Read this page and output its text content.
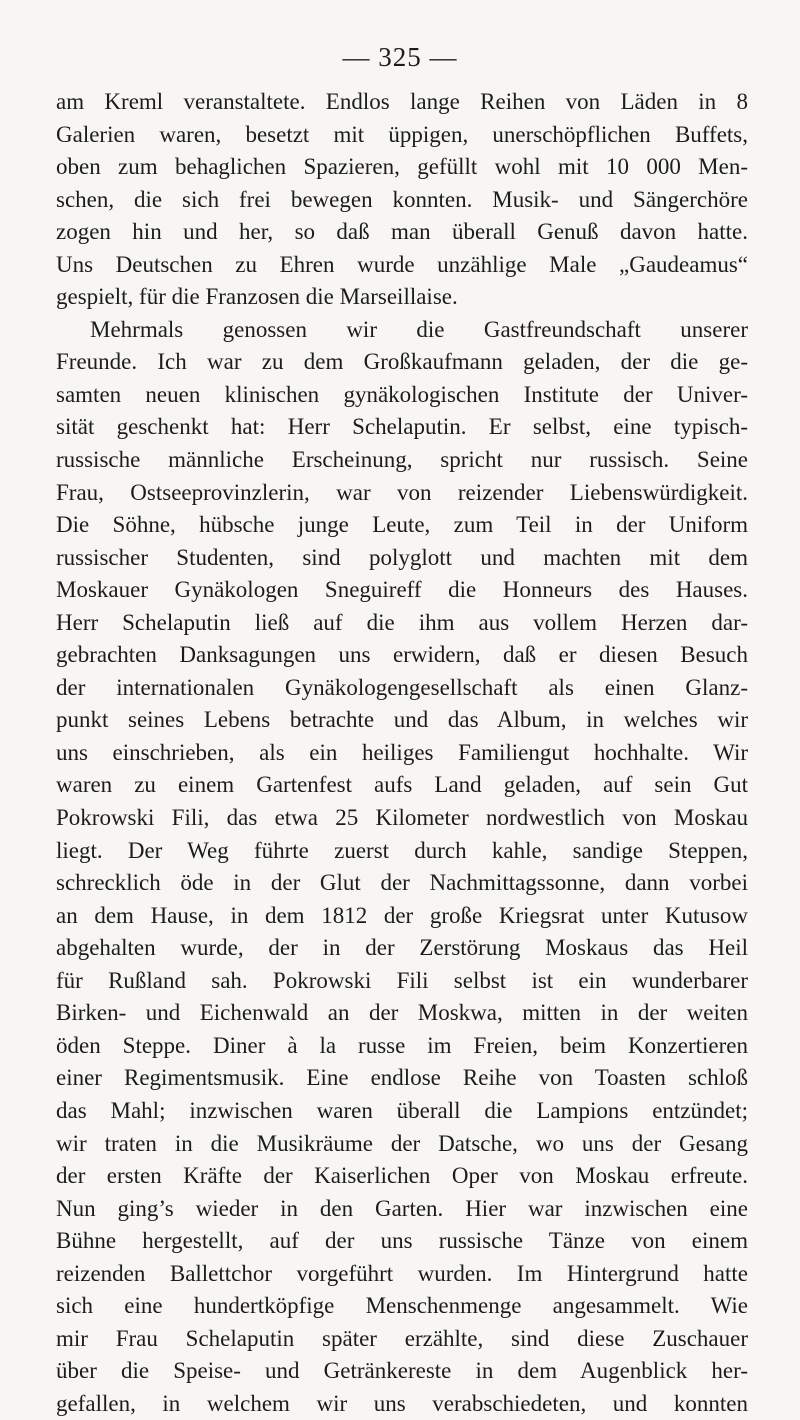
— 325 —
am Kreml veranstaltete. Endlos lange Reihen von Läden in 8
Galerien waren, besetzt mit üppigen, unerschöpflichen Buffets,
oben zum behaglichen Spazieren, gefüllt wohl mit 10 000 Men-
schen, die sich frei bewegen konnten. Musik- und Sängerchöre
zogen hin und her, so daß man überall Genuß davon hatte.
Uns Deutschen zu Ehren wurde unzählige Male „Gaudeamus“
gespielt, für die Franzosen die Marseillaise.
Mehrmals genossen wir die Gastfreundschaft unserer
Freunde. Ich war zu dem Großkaufmann geladen, der die ge-
samten neuen klinischen gynäkologischen Institute der Univer-
sität geschenkt hat: Herr Schelaputin. Er selbst, eine typisch-
russische männliche Erscheinung, spricht nur russisch. Seine
Frau, Ostseeprovinzlerin, war von reizender Liebenswürdigkeit.
Die Söhne, hübsche junge Leute, zum Teil in der Uniform
russischer Studenten, sind polyglott und machten mit dem
Moskauer Gynäkologen Sneguireff die Honneurs des Hauses.
Herr Schelaputin ließ auf die ihm aus vollem Herzen dar-
gebrachten Danksagungen uns erwidern, daß er diesen Besuch
der internationalen Gynäkologengesellschaft als einen Glanz-
punkt seines Lebens betrachte und das Album, in welches wir
uns einschrieben, als ein heiliges Familiengut hochhalte. Wir
waren zu einem Gartenfest aufs Land geladen, auf sein Gut
Pokrowski Fili, das etwa 25 Kilometer nordwestlich von Moskau
liegt. Der Weg führte zuerst durch kahle, sandige Steppen,
schrecklich öde in der Glut der Nachmittagssonne, dann vorbei
an dem Hause, in dem 1812 der große Kriegsrat unter Kutusow
abgehalten wurde, der in der Zerstörung Moskaus das Heil
für Rußland sah. Pokrowski Fili selbst ist ein wunderbarer
Birken- und Eichenwald an der Moskwa, mitten in der weiten
öden Steppe. Diner à la russe im Freien, beim Konzertieren
einer Regimentsmusik. Eine endlose Reihe von Toasten schloß
das Mahl; inzwischen waren überall die Lampions entzündet;
wir traten in die Musikräume der Datsche, wo uns der Gesang
der ersten Kräfte der Kaiserlichen Oper von Moskau erfreute.
Nun ging’s wieder in den Garten. Hier war inzwischen eine
Bühne hergestellt, auf der uns russische Tänze von einem
reizenden Ballettchor vorgeführt wurden. Im Hintergrund hatte
sich eine hundertköpfige Menschenmenge angesammelt. Wie
mir Frau Schelaputin später erzählte, sind diese Zuschauer
über die Speise- und Getränkereste in dem Augenblick her-
gefallen, in welchem wir uns verabschiedeten, und konnten
